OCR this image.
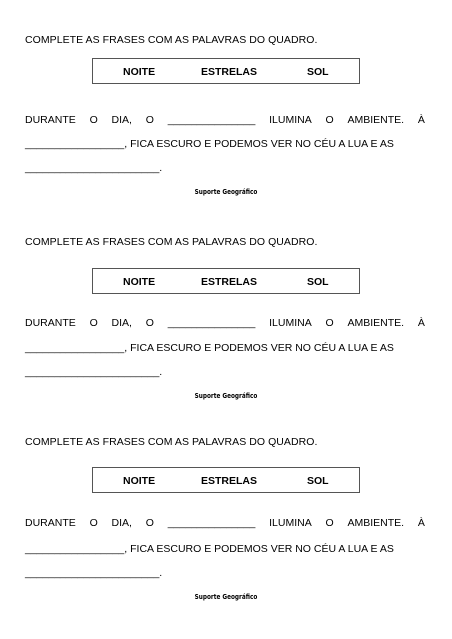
COMPLETE AS FRASES COM AS PALAVRAS DO QUADRO.
NOITE	ESTRELAS	SOL
DURANTE O DIA, O _______________ ILUMINA O AMBIENTE. À
_________________, FICA ESCURO E PODEMOS VER NO CÉU A LUA E AS
_______________________.
Suporte Geográfico
COMPLETE AS FRASES COM AS PALAVRAS DO QUADRO.
NOITE	ESTRELAS	SOL
DURANTE O DIA, O _______________ ILUMINA O AMBIENTE. À
_________________, FICA ESCURO E PODEMOS VER NO CÉU A LUA E AS
_______________________.
Suporte Geográfico
COMPLETE AS FRASES COM AS PALAVRAS DO QUADRO.
NOITE	ESTRELAS	SOL
DURANTE O DIA, O _______________ ILUMINA O AMBIENTE. À
_________________, FICA ESCURO E PODEMOS VER NO CÉU A LUA E AS
_______________________.
Suporte Geográfico
